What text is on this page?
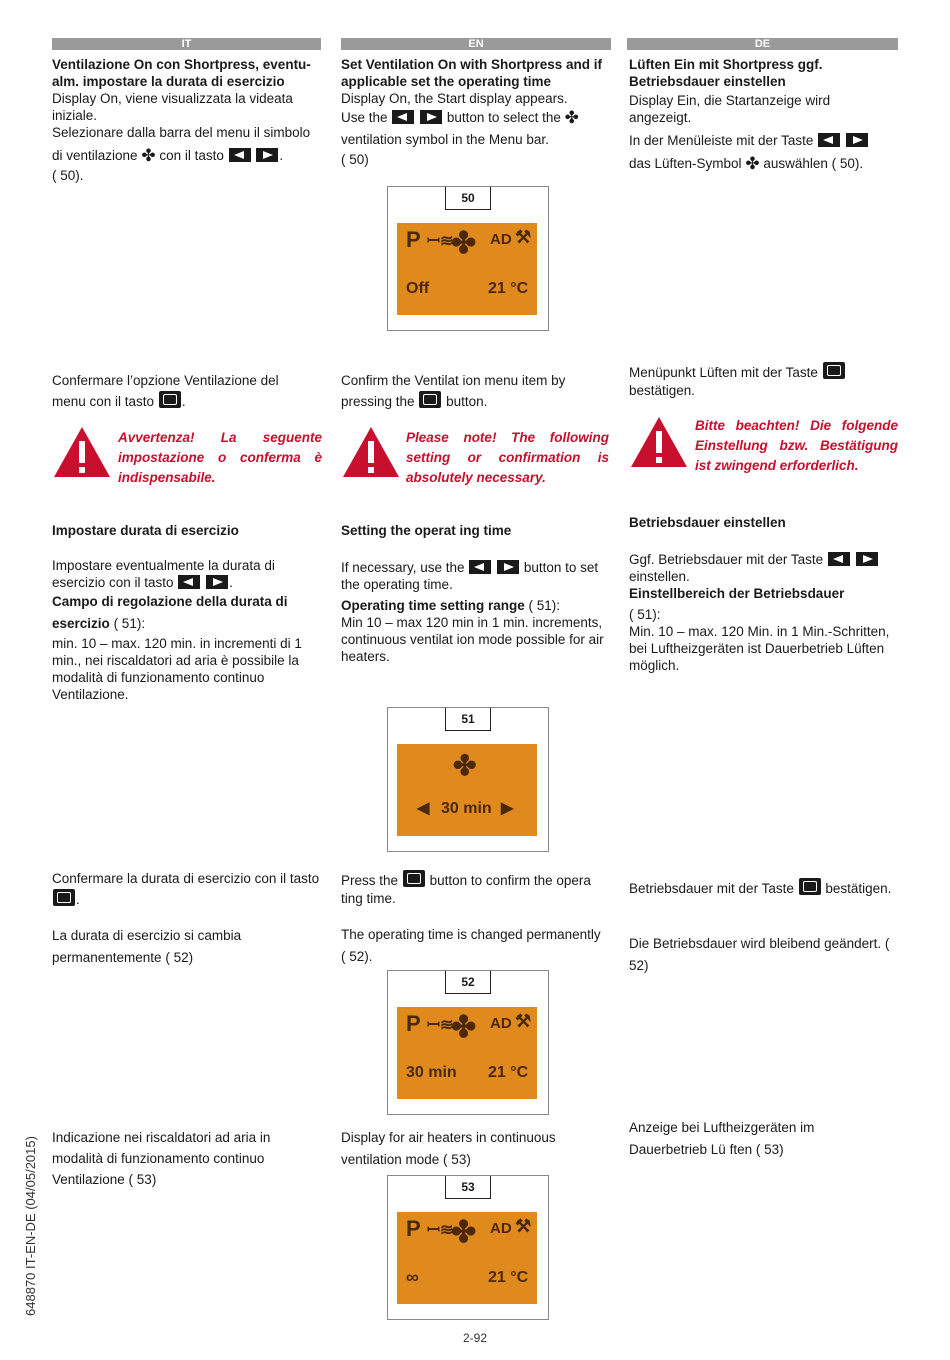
IT	EN	DE

Ventilazione On con Shortpress, eventu-alm. impostare la durata di esercizio

Display On, viene visualizzata la videata iniziale.

Selezionare dalla barra del menu il simbolo di ventilazione ✤ con il tasto	.

( 50).

Confermare l’opzione Ventilazione del menu con il tasto .
Avvertenza! La seguente impostazione o conferma è indispensabile.

Impostare durata di esercizio

Impostare eventualmente la durata di esercizio con il tasto	.

Campo di regolazione della durata di esercizio ( 51):

min. 10 – max. 120 min. in incrementi di 1 min., nei riscaldatori ad aria è possibile la modalità di funzionamento continuo Ventilazione.

Confermare la durata di esercizio con il tasto .
La durata di esercizio si cambia permanentemente ( 52)
Indicazione nei riscaldatori ad aria in modalità di funzionamento continuo Ventilazione ( 53)

Set Ventilation On with Shortpress and if applicable set the operating time

Display On, the Start display appears.

Use the	button to select the ✤ ventilation symbol in the Menu bar.

( 50)

Confirm the Ventilat ion menu item by pressing the button.
Please note! The following setting or confirmation is absolutely necessary.

Setting the operat ing time

If necessary, use the	button to set the operating time.

Operating time setting range ( 51):

Min 10 – max 120 min in 1 min. increments, continuous ventilat ion mode possible for air heaters.

Press the button to confirm the opera ting time.
The operating time is changed permanently ( 52).
Display for air heaters in continuous ventilation mode ( 53)

Lüften Ein mit Shortpress ggf. Betriebsdauer einstellen

Display Ein, die Startanzeige wird angezeigt.

In der Menüleiste mit der Taste   das Lüften-Symbol ✤ auswählen ( 50).

Menüpunkt Lüften mit der Taste  bestätigen.
Bitte beachten! Die folgende Einstellung bzw. Bestätigung ist zwingend erforderlich.

Betriebsdauer einstellen

Ggf. Betriebsdauer mit der Taste   einstellen.

Einstellbereich der Betriebsdauer

( 51):

Min. 10 – max. 120 Min. in 1 Min.-Schritten, bei Luftheizgeräten ist Dauerbetrieb Lüften möglich.

Betriebsdauer mit der Taste bestätigen.
Die Betriebsdauer wird bleibend geändert. ( 52)
Anzeige bei Luftheizgeräten im Dauerbetrieb Lü ften ( 53)
50
P ꟷ≋
✤ AD ⚒
Off	21 °C
51
✤
◀ 30 min ▶
52
P ꟷ≋
✤ AD ⚒
30 min 21 °C
53
P ꟷ≋
✤ AD ⚒
∞	21 °C
648870 IT-EN-DE (04/05/2015)
2-92
